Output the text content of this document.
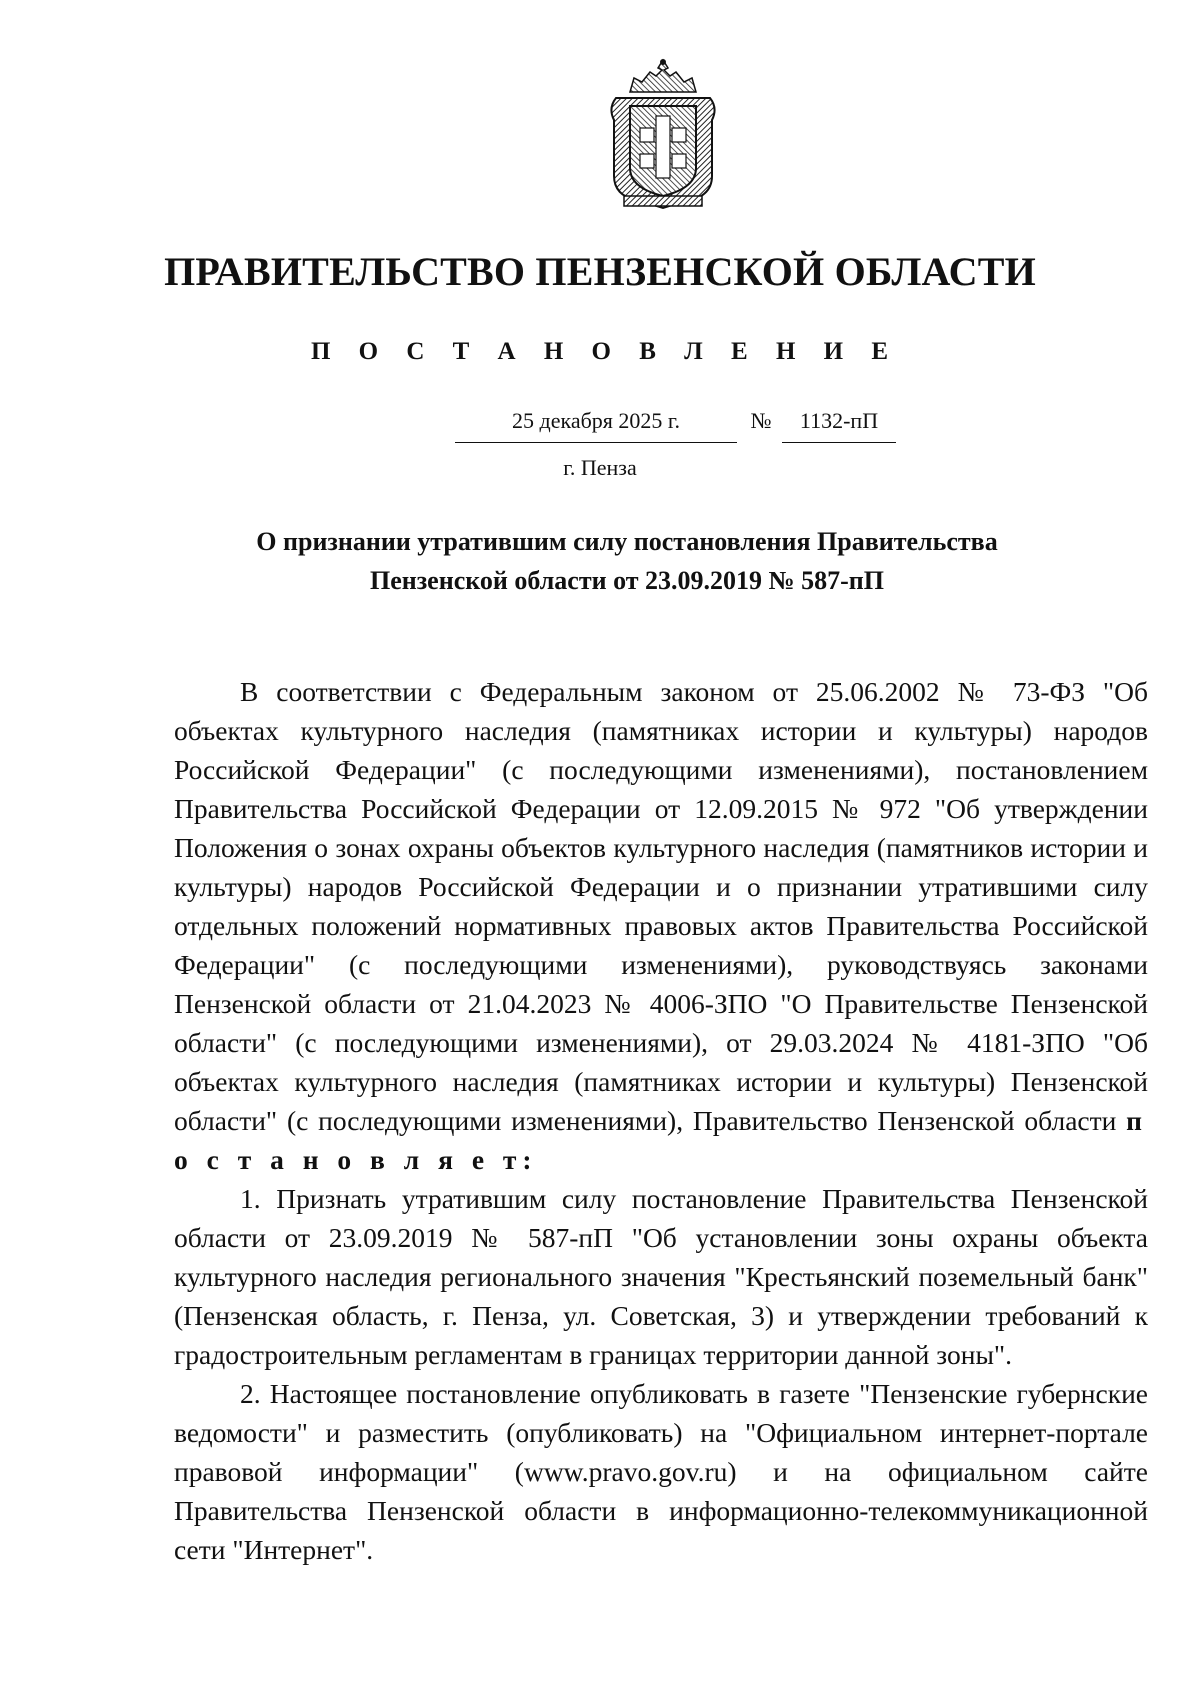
ПРАВИТЕЛЬСТВО ПЕНЗЕНСКОЙ ОБЛАСТИ
П О С Т А Н О В Л Е Н И Е
25 декабря 2025 г.	№	1132-пП
г. Пенза
О признании утратившим силу постановления Правительства
Пензенской области от 23.09.2019 № 587-пП

В соответствии с Федеральным законом от 25.06.2002 № 73-ФЗ "Об объектах культурного наследия (памятниках истории и культуры) народов Российской Федерации" (с последующими изменениями), постановлением Правительства Российской Федерации от 12.09.2015 № 972 "Об утверждении Положения о зонах охраны объектов культурного наследия (памятников истории и культуры) народов Российской Федерации и о признании утратившими силу отдельных положений нормативных правовых актов Правительства Российской Федерации" (с последующими изменениями), руководствуясь законами Пензенской области от 21.04.2023 № 4006-ЗПО "О Правительстве Пензенской области" (с последующими изменениями), от 29.03.2024 № 4181-ЗПО "Об объектах культурного наследия (памятниках истории и культуры) Пензенской области" (с последующими изменениями), Правительство Пензенской области п о с т а н о в л я е т:

1. Признать утратившим силу постановление Правительства Пензенской области от 23.09.2019 № 587-пП "Об установлении зоны охраны объекта культурного наследия регионального значения "Крестьянский поземельный банк" (Пензенская область, г. Пенза, ул. Советская, 3) и утверждении требований к градостроительным регламентам в границах территории данной зоны".

2. Настоящее постановление опубликовать в газете "Пензенские губернские ведомости" и разместить (опубликовать) на "Официальном интернет-портале правовой информации" (www.pravo.gov.ru) и на официальном сайте Правительства Пензенской области в информационно-телекоммуникационной сети "Интернет".
